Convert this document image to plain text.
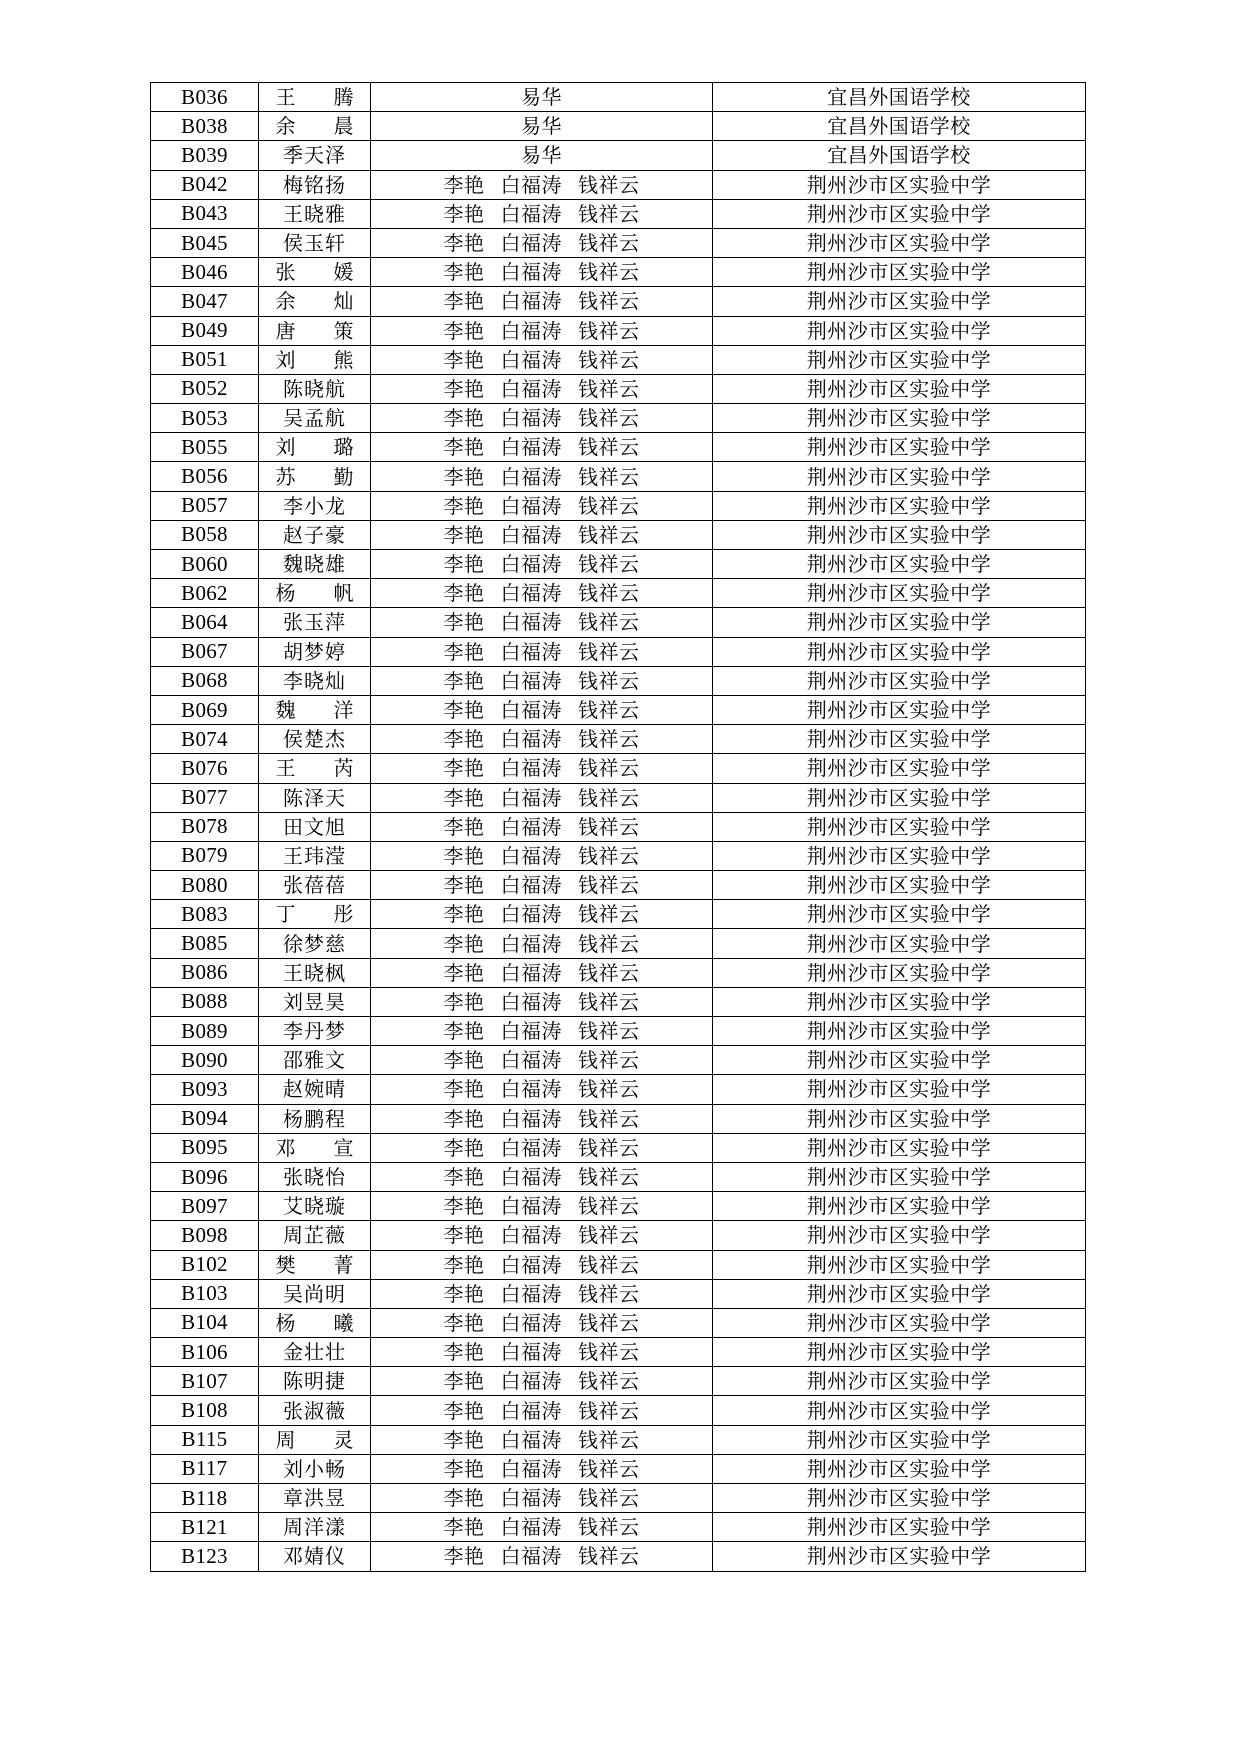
B036	王腾	易华	宜昌外国语学校
B038	余晨	易华	宜昌外国语学校
B039	季天泽	易华	宜昌外国语学校
B042	梅铭扬	李艳 白福涛 钱祥云	荆州沙市区实验中学
B043	王晓雅	李艳 白福涛 钱祥云	荆州沙市区实验中学
B045	侯玉轩	李艳 白福涛 钱祥云	荆州沙市区实验中学
B046	张媛	李艳 白福涛 钱祥云	荆州沙市区实验中学
B047	余灿	李艳 白福涛 钱祥云	荆州沙市区实验中学
B049	唐策	李艳 白福涛 钱祥云	荆州沙市区实验中学
B051	刘熊	李艳 白福涛 钱祥云	荆州沙市区实验中学
B052	陈晓航	李艳 白福涛 钱祥云	荆州沙市区实验中学
B053	吴孟航	李艳 白福涛 钱祥云	荆州沙市区实验中学
B055	刘璐	李艳 白福涛 钱祥云	荆州沙市区实验中学
B056	苏勤	李艳 白福涛 钱祥云	荆州沙市区实验中学
B057	李小龙	李艳 白福涛 钱祥云	荆州沙市区实验中学
B058	赵子豪	李艳 白福涛 钱祥云	荆州沙市区实验中学
B060	魏晓雄	李艳 白福涛 钱祥云	荆州沙市区实验中学
B062	杨帆	李艳 白福涛 钱祥云	荆州沙市区实验中学
B064	张玉萍	李艳 白福涛 钱祥云	荆州沙市区实验中学
B067	胡梦婷	李艳 白福涛 钱祥云	荆州沙市区实验中学
B068	李晓灿	李艳 白福涛 钱祥云	荆州沙市区实验中学
B069	魏洋	李艳 白福涛 钱祥云	荆州沙市区实验中学
B074	侯楚杰	李艳 白福涛 钱祥云	荆州沙市区实验中学
B076	王芮	李艳 白福涛 钱祥云	荆州沙市区实验中学
B077	陈泽天	李艳 白福涛 钱祥云	荆州沙市区实验中学
B078	田文旭	李艳 白福涛 钱祥云	荆州沙市区实验中学
B079	王玮滢	李艳 白福涛 钱祥云	荆州沙市区实验中学
B080	张蓓蓓	李艳 白福涛 钱祥云	荆州沙市区实验中学
B083	丁彤	李艳 白福涛 钱祥云	荆州沙市区实验中学
B085	徐梦慈	李艳 白福涛 钱祥云	荆州沙市区实验中学
B086	王晓枫	李艳 白福涛 钱祥云	荆州沙市区实验中学
B088	刘昱昊	李艳 白福涛 钱祥云	荆州沙市区实验中学
B089	李丹梦	李艳 白福涛 钱祥云	荆州沙市区实验中学
B090	邵雅文	李艳 白福涛 钱祥云	荆州沙市区实验中学
B093	赵婉晴	李艳 白福涛 钱祥云	荆州沙市区实验中学
B094	杨鹏程	李艳 白福涛 钱祥云	荆州沙市区实验中学
B095	邓宣	李艳 白福涛 钱祥云	荆州沙市区实验中学
B096	张晓怡	李艳 白福涛 钱祥云	荆州沙市区实验中学
B097	艾晓璇	李艳 白福涛 钱祥云	荆州沙市区实验中学
B098	周芷薇	李艳 白福涛 钱祥云	荆州沙市区实验中学
B102	樊菁	李艳 白福涛 钱祥云	荆州沙市区实验中学
B103	吴尚明	李艳 白福涛 钱祥云	荆州沙市区实验中学
B104	杨曦	李艳 白福涛 钱祥云	荆州沙市区实验中学
B106	金壮壮	李艳 白福涛 钱祥云	荆州沙市区实验中学
B107	陈明捷	李艳 白福涛 钱祥云	荆州沙市区实验中学
B108	张淑薇	李艳 白福涛 钱祥云	荆州沙市区实验中学
B115	周灵	李艳 白福涛 钱祥云	荆州沙市区实验中学
B117	刘小畅	李艳 白福涛 钱祥云	荆州沙市区实验中学
B118	章洪昱	李艳 白福涛 钱祥云	荆州沙市区实验中学
B121	周洋漾	李艳 白福涛 钱祥云	荆州沙市区实验中学
B123	邓婧仪	李艳 白福涛 钱祥云	荆州沙市区实验中学
